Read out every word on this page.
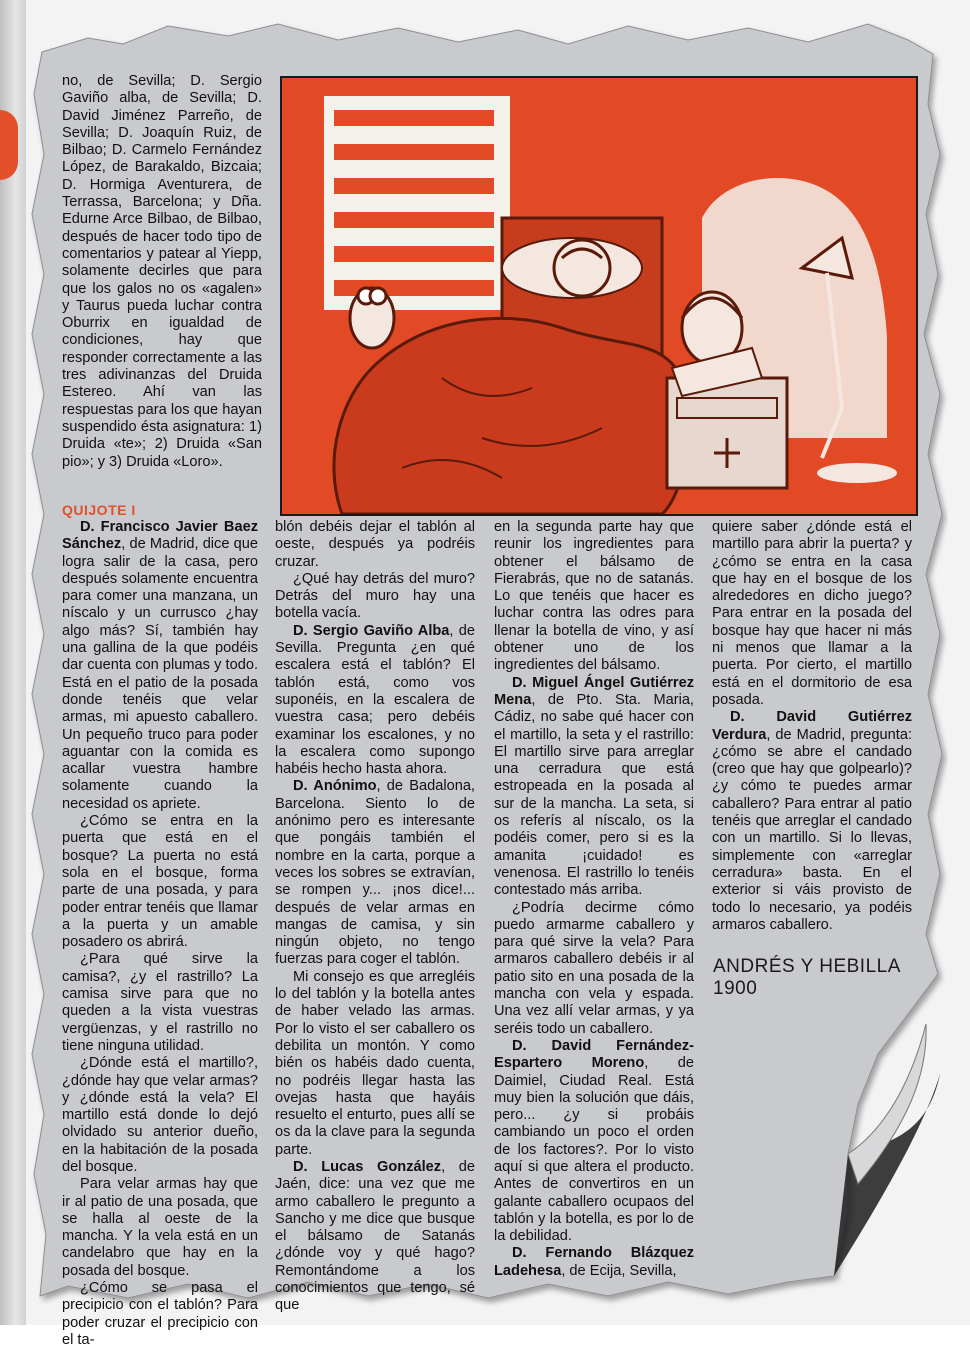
no, de Sevilla; D. Sergio Gaviño alba, de Sevilla; D. David Jiménez Parreño, de Sevilla; D. Joaquín Ruiz, de Bilbao; D. Carmelo Fernández López, de Barakaldo, Bizcaia; D. Hormiga Aventurera, de Terrassa, Barcelona; y Dña. Edurne Arce Bilbao, de Bilbao, después de hacer todo tipo de comentarios y patear al Yiepp, solamente decirles que para que los galos no os «agalen» y Taurus pueda luchar contra Oburrix en igualdad de condiciones, hay que responder correctamente a las tres adivinanzas del Druida Estereo. Ahí van las respuestas para los que hayan suspendido ésta asignatura: 1) Druida «te»; 2) Druida «San pio»; y 3) Druida «Loro».

QUIJOTE I

D. Francisco Javier Baez Sánchez, de Madrid, dice que logra salir de la casa, pero después solamente encuentra para comer una manzana, un níscalo y un currusco ¿hay algo más? Sí, también hay una gallina de la que podéis dar cuenta con plumas y todo. Está en el patio de la posada donde tenéis que velar armas, mi apuesto caballero. Un pequeño truco para poder aguantar con la comida es acallar vuestra hambre solamente cuando la necesidad os apriete.

¿Cómo se entra en la puerta que está en el bosque? La puerta no está sola en el bosque, forma parte de una posada, y para poder entrar tenéis que llamar a la puerta y un amable posadero os abrirá.

¿Para qué sirve la camisa?, ¿y el rastrillo? La camisa sirve para que no queden a la vista vuestras vergüenzas, y el rastrillo no tiene ninguna utilidad.

¿Dónde está el martillo?, ¿dónde hay que velar armas? y ¿dónde está la vela? El martillo está donde lo dejó olvidado su anterior dueño, en la habitación de la posada del bosque.

Para velar armas hay que ir al patio de una posada, que se halla al oeste de la mancha. Y la vela está en un candelabro que hay en la posada del bosque.

¿Cómo se pasa el precipicio con el tablón? Para poder cruzar el precipicio con el ta-

blón debéis dejar el tablón al oeste, después ya podréis cruzar.

¿Qué hay detrás del muro? Detrás del muro hay una botella vacía.

D. Sergio Gaviño Alba, de Sevilla. Pregunta ¿en qué escalera está el tablón? El tablón está, como vos suponéis, en la escalera de vuestra casa; pero debéis examinar los escalones, y no la escalera como supongo habéis hecho hasta ahora.

D. Anónimo, de Badalona, Barcelona. Siento lo de anónimo pero es interesante que pongáis también el nombre en la carta, porque a veces los sobres se extravían, se rompen y... ¡nos dice!... después de velar armas en mangas de camisa, y sin ningún objeto, no tengo fuerzas para coger el tablón.

Mi consejo es que arregléis lo del tablón y la botella antes de haber velado las armas. Por lo visto el ser caballero os debilita un montón. Y como bién os habéis dado cuenta, no podréis llegar hasta las ovejas hasta que hayáis resuelto el enturto, pues allí se os da la clave para la segunda parte.

D. Lucas González, de Jaén, dice: una vez que me armo caballero le pregunto a Sancho y me dice que busque el bálsamo de Satanás ¿dónde voy y qué hago? Remontándome a los conocimientos que tengo, sé que

en la segunda parte hay que reunir los ingredientes para obtener el bálsamo de Fierabrás, que no de satanás. Lo que tenéis que hacer es luchar contra las odres para llenar la botella de vino, y así obtener uno de los ingredientes del bálsamo.

D. Miguel Ángel Gutiérrez Mena, de Pto. Sta. Maria, Cádiz, no sabe qué hacer con el martillo, la seta y el rastrillo: El martillo sirve para arreglar una cerradura que está estropeada en la posada al sur de la mancha. La seta, si os referís al níscalo, os la podéis comer, pero si es la amanita ¡cuidado! es venenosa. El rastrillo lo tenéis contestado más arriba.

¿Podría decirme cómo puedo armarme caballero y para qué sirve la vela? Para armaros caballero debéis ir al patio sito en una posada de la mancha con vela y espada. Una vez allí velar armas, y ya seréis todo un caballero.

D. David Fernández-Espartero Moreno, de Daimiel, Ciudad Real. Está muy bien la solución que dáis, pero... ¿y si probáis cambiando un poco el orden de los factores?. Por lo visto aquí si que altera el producto. Antes de convertiros en un galante caballero ocupaos del tablón y la botella, es por lo de la debilidad.

D. Fernando Blázquez Ladehesa, de Ecija, Sevilla,

quiere saber ¿dónde está el martillo para abrir la puerta? y ¿cómo se entra en la casa que hay en el bosque de los alrededores en dicho juego? Para entrar en la posada del bosque hay que hacer ni más ni menos que llamar a la puerta. Por cierto, el martillo está en el dormitorio de esa posada.

D. David Gutiérrez Verdura, de Madrid, pregunta: ¿cómo se abre el candado (creo que hay que golpearlo)? ¿y cómo te puedes armar caballero? Para entrar al patio tenéis que arreglar el candado con un martillo. Si lo llevas, simplemente con «arreglar cerradura» basta. En el exterior si váis provisto de todo lo necesario, ya podéis armaros caballero.

ANDRÉS Y HEBILLA 1900
